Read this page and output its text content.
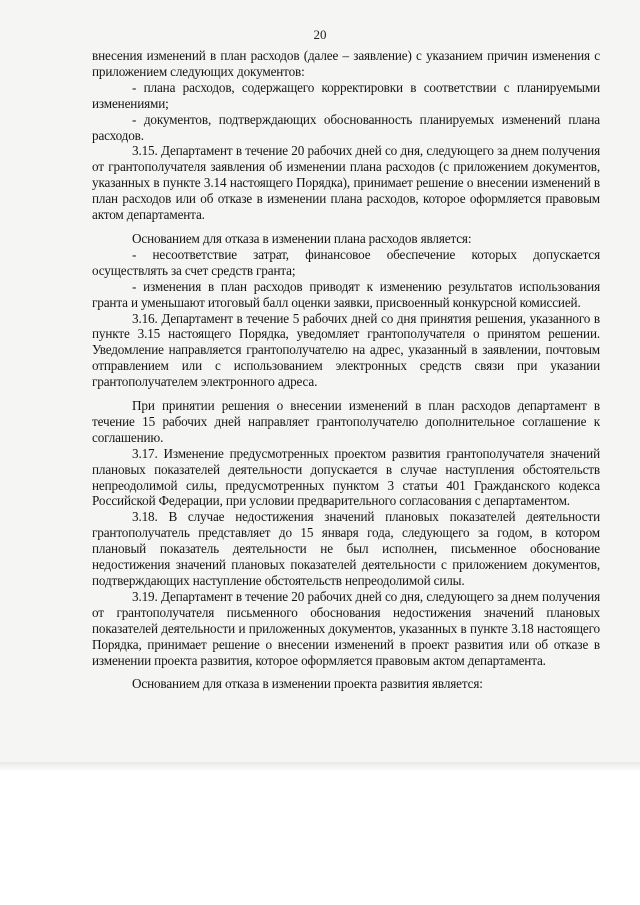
20

внесения изменений в план расходов (далее – заявление) с указанием причин изменения с приложением следующих документов:

- плана расходов, содержащего корректировки в соответствии с планируемыми изменениями;

- документов, подтверждающих обоснованность планируемых изменений плана расходов.

3.15. Департамент в течение 20 рабочих дней со дня, следующего за днем получения от грантополучателя заявления об изменении плана расходов (с приложением документов, указанных в пункте 3.14 настоящего Порядка), принимает решение о внесении изменений в план расходов или об отказе в изменении плана расходов, которое оформляется правовым актом департамента.

Основанием для отказа в изменении плана расходов является:

- несоответствие затрат, финансовое обеспечение которых допускается осуществлять за счет средств гранта;

- изменения в план расходов приводят к изменению результатов использования гранта и уменьшают итоговый балл оценки заявки, присвоенный конкурсной комиссией.

3.16. Департамент в течение 5 рабочих дней со дня принятия решения, указанного в пункте 3.15 настоящего Порядка, уведомляет грантополучателя о принятом решении. Уведомление направляется грантополучателю на адрес, указанный в заявлении, почтовым отправлением или с использованием электронных средств связи при указании грантополучателем электронного адреса.

При принятии решения о внесении изменений в план расходов департамент в течение 15 рабочих дней направляет грантополучателю дополнительное соглашение к соглашению.

3.17. Изменение предусмотренных проектом развития грантополучателя значений плановых показателей деятельности допускается в случае наступления обстоятельств непреодолимой силы, предусмотренных пунктом 3 статьи 401 Гражданского кодекса Российской Федерации, при условии предварительного согласования с департаментом.

3.18. В случае недостижения значений плановых показателей деятельности грантополучатель представляет до 15 января года, следующего за годом, в котором плановый показатель деятельности не был исполнен, письменное обоснование недостижения значений плановых показателей деятельности с приложением документов, подтверждающих наступление обстоятельств непреодолимой силы.

3.19. Департамент в течение 20 рабочих дней со дня, следующего за днем получения от грантополучателя письменного обоснования недостижения значений плановых показателей деятельности и приложенных документов, указанных в пункте 3.18 настоящего Порядка, принимает решение о внесении изменений в проект развития или об отказе в изменении проекта развития, которое оформляется правовым актом департамента.

Основанием для отказа в изменении проекта развития является:
